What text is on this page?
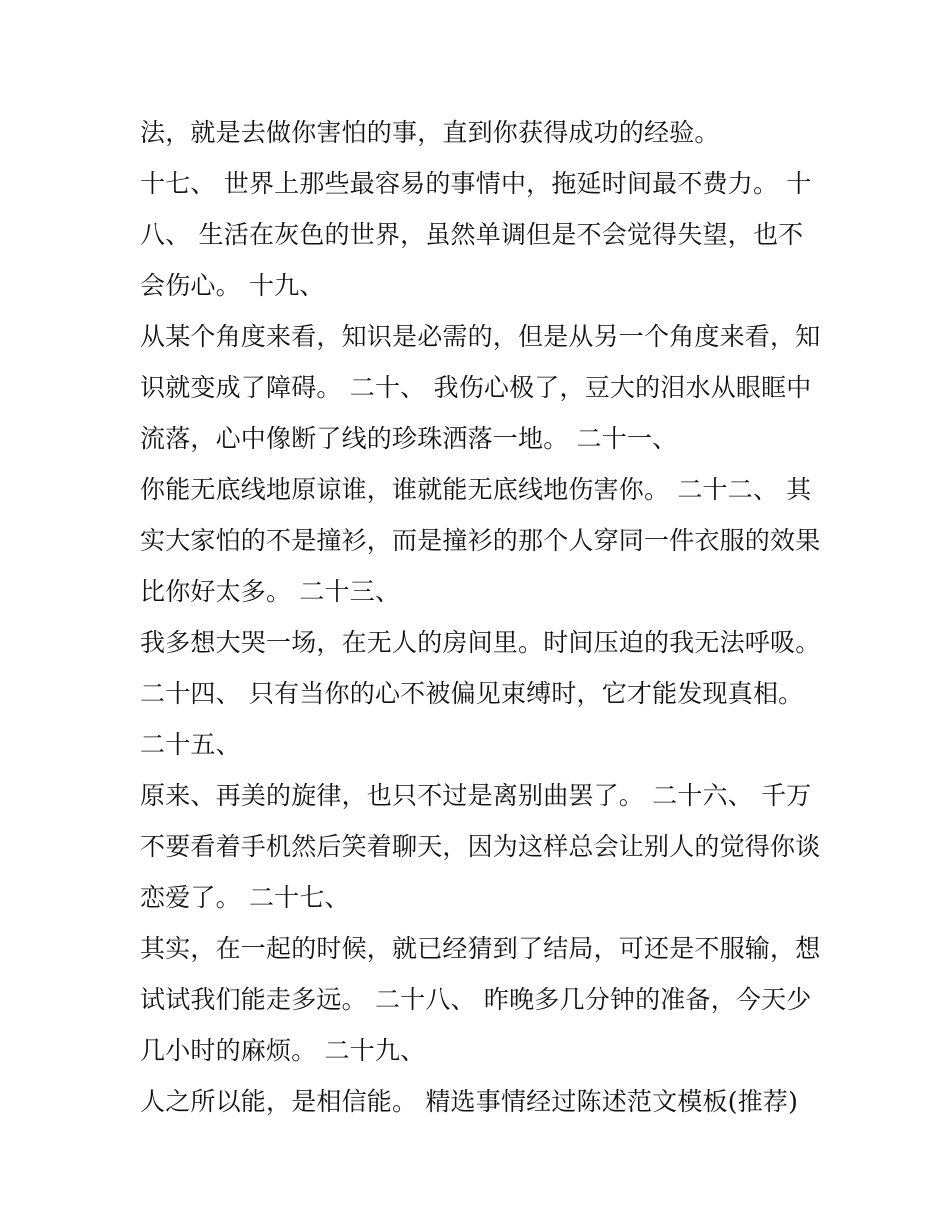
法，就是去做你害怕的事，直到你获得成功的经验。
十七、 世界上那些最容易的事情中，拖延时间最不费力。 十
八、 生活在灰色的世界，虽然单调但是不会觉得失望，也不
会伤心。 十九、
从某个角度来看，知识是必需的，但是从另一个角度来看，知
识就变成了障碍。 二十、 我伤心极了，豆大的泪水从眼眶中
流落，心中像断了线的珍珠洒落一地。 二十一、
你能无底线地原谅谁，谁就能无底线地伤害你。 二十二、 其
实大家怕的不是撞衫，而是撞衫的那个人穿同一件衣服的效果
比你好太多。 二十三、
我多想大哭一场，在无人的房间里。时间压迫的我无法呼吸。
二十四、 只有当你的心不被偏见束缚时，它才能发现真相。
二十五、
原来、再美的旋律，也只不过是离别曲罢了。 二十六、 千万
不要看着手机然后笑着聊天，因为这样总会让别人的觉得你谈
恋爱了。 二十七、
其实，在一起的时候，就已经猜到了结局，可还是不服输，想
试试我们能走多远。 二十八、 昨晚多几分钟的准备，今天少
几小时的麻烦。 二十九、
人之所以能，是相信能。 精选事情经过陈述范文模板(推荐)
